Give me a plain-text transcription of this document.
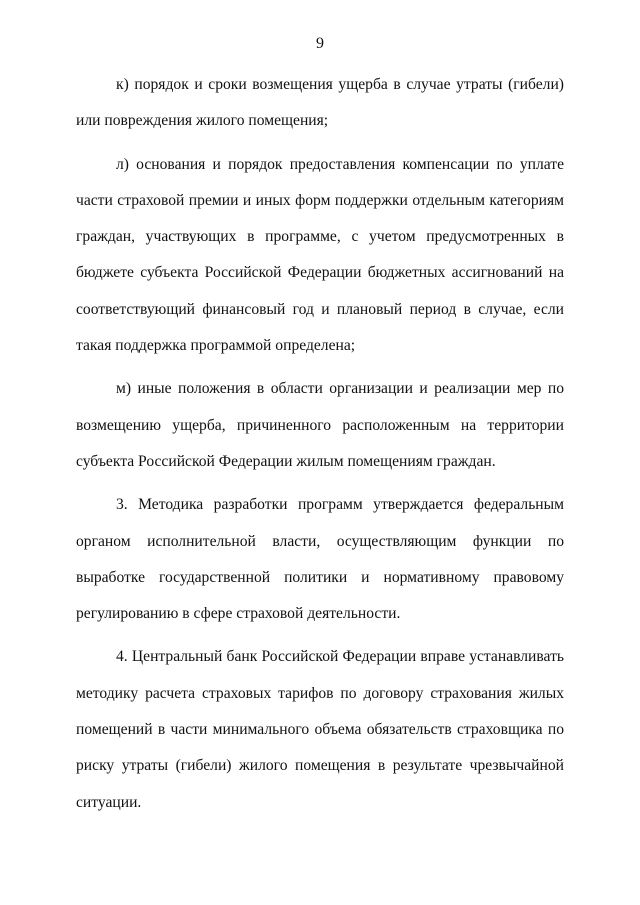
9

к) порядок и сроки возмещения ущерба в случае утраты (гибели) или повреждения жилого помещения;

л) основания и порядок предоставления компенсации по уплате части страховой премии и иных форм поддержки отдельным категориям граждан, участвующих в программе, с учетом предусмотренных в бюджете субъекта Российской Федерации бюджетных ассигнований на соответствующий финансовый год и плановый период в случае, если такая поддержка программой определена;

м) иные положения в области организации и реализации мер по возмещению ущерба, причиненного расположенным на территории субъекта Российской Федерации жилым помещениям граждан.

3. Методика разработки программ утверждается федеральным органом исполнительной власти, осуществляющим функции по выработке государственной политики и нормативному правовому регулированию в сфере страховой деятельности.

4. Центральный банк Российской Федерации вправе устанавливать методику расчета страховых тарифов по договору страхования жилых помещений в части минимального объема обязательств страховщика по риску утраты (гибели) жилого помещения в результате чрезвычайной ситуации.
